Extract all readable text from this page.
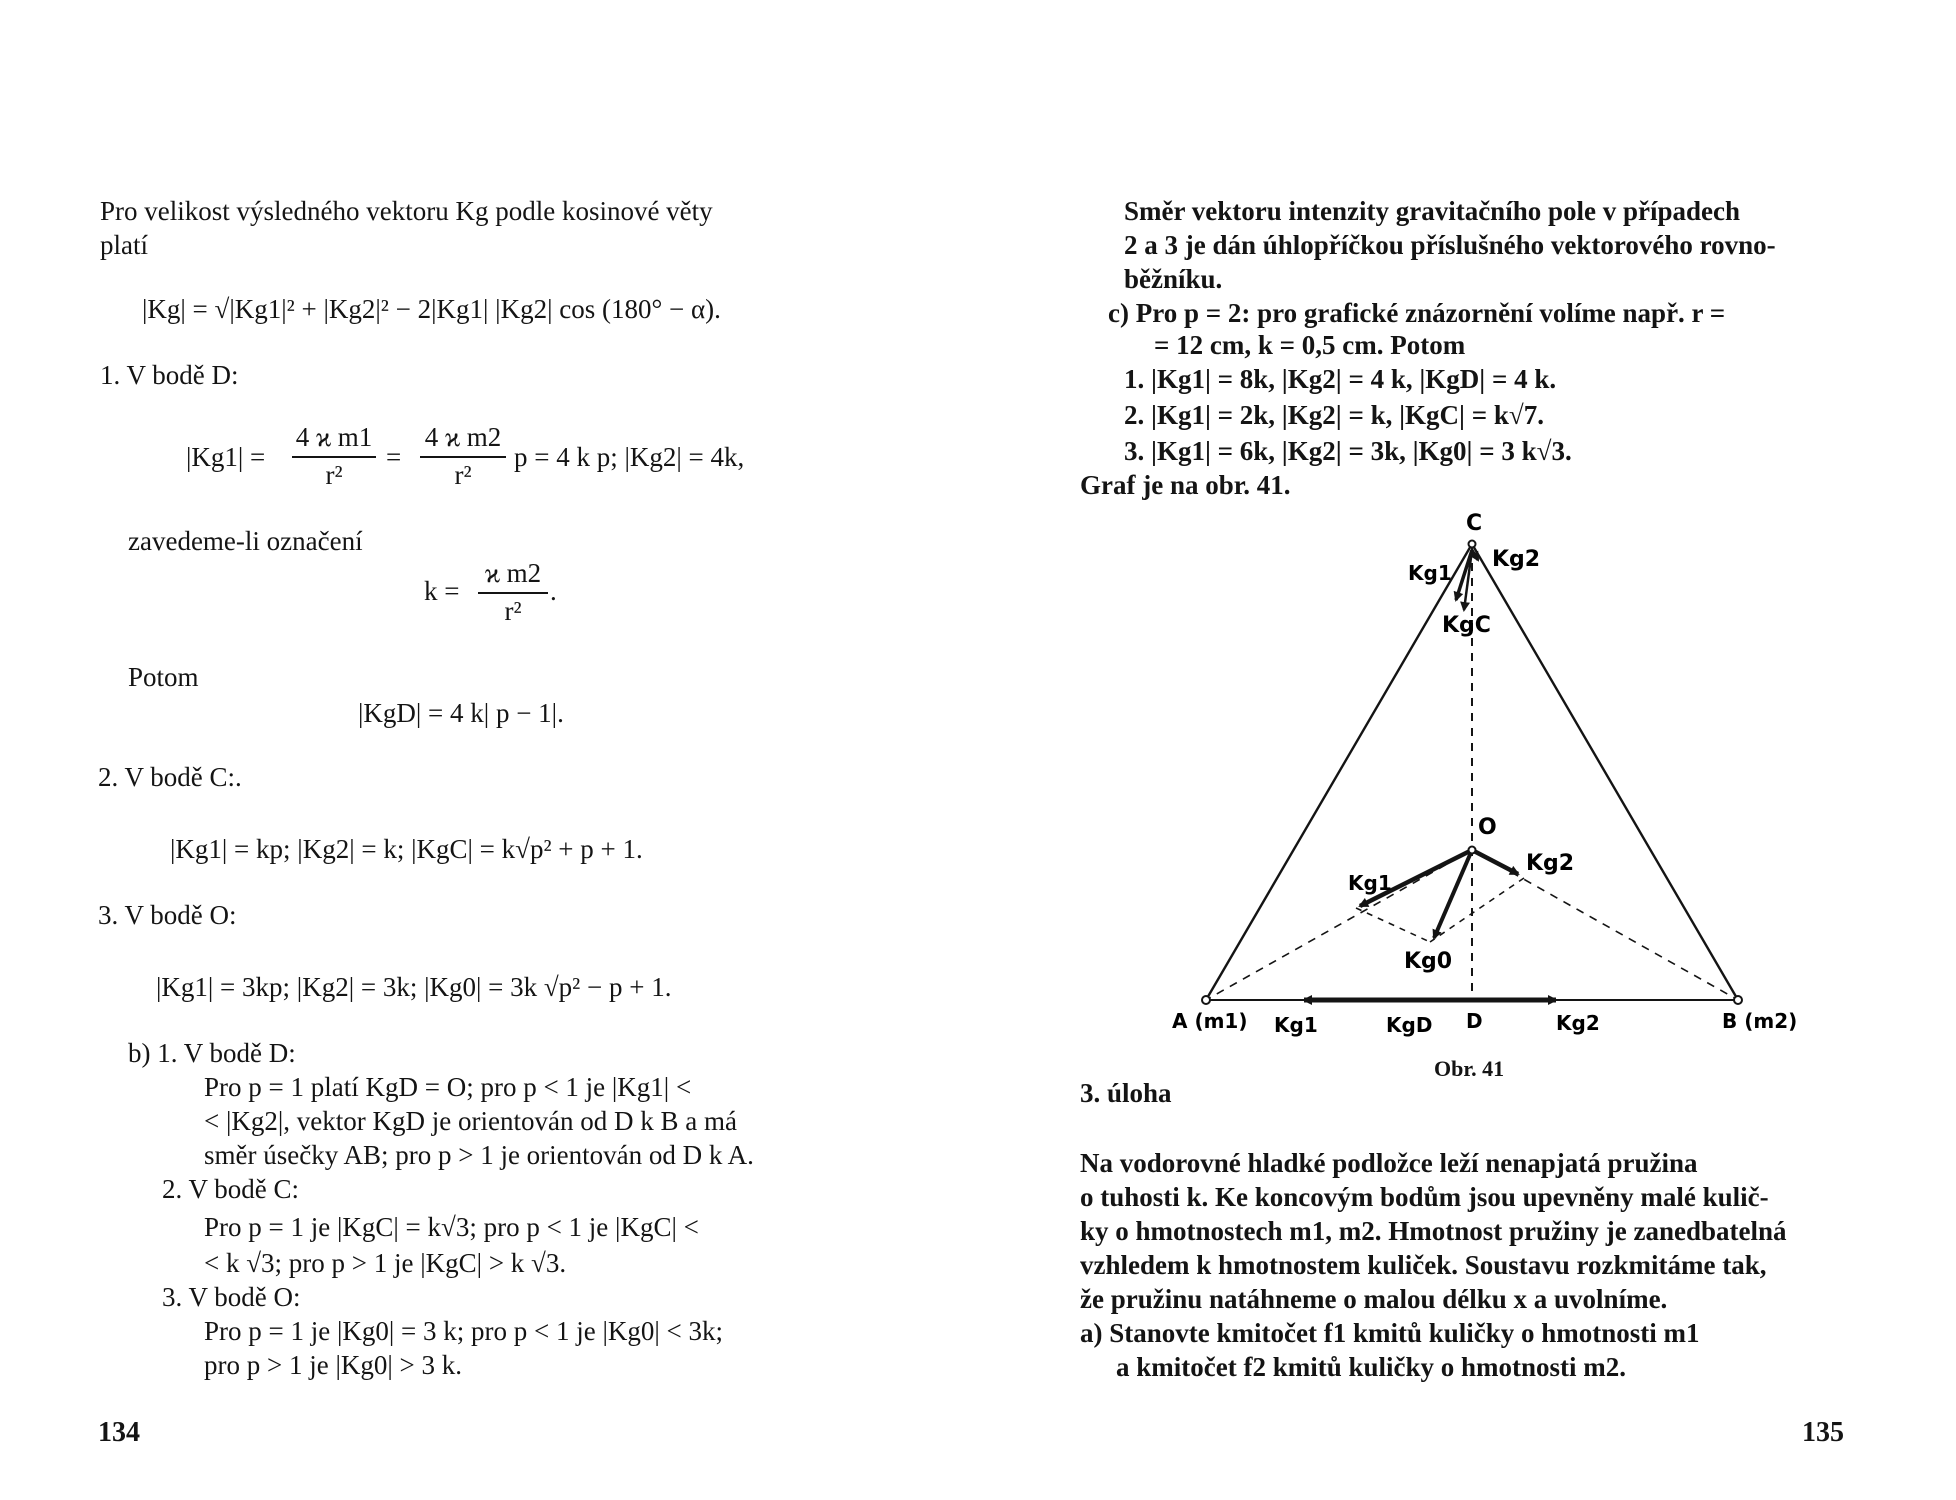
Pro velikost výsledného vektoru Kg podle kosinové věty
platí
|Kg| = √|Kg1|² + |Kg2|² − 2|Kg1| |Kg2| cos (180° − α).
1. V bodě D:
|Kg1| =
4 ϰ m1
r²
=
4 ϰ m2
r²
p = 4 k p; |Kg2| = 4k,
zavedeme-li označení
k =
ϰ m2
r²
.
Potom
|KgD| = 4 k| p − 1|.
2. V bodě C:.
|Kg1| = kp; |Kg2| = k; |KgC| = k√p² + p + 1.
3. V bodě O:
|Kg1| = 3kp; |Kg2| = 3k; |Kg0| = 3k √p² − p + 1.
b) 1. V bodě D:
Pro p = 1 platí KgD = O; pro p < 1 je |Kg1| <
< |Kg2|, vektor KgD je orientován od D k B a má
směr úsečky AB; pro p > 1 je orientován od D k A.
2. V bodě C:
Pro p = 1 je |KgC| = k√3; pro p < 1 je |KgC| <
< k √3; pro p > 1 je |KgC| > k √3.
3. V bodě O:
Pro p = 1 je |Kg0| = 3 k; pro p < 1 je |Kg0| < 3k;
pro p > 1 je |Kg0| > 3 k.
134
Směr vektoru intenzity gravitačního pole v případech
2 a 3 je dán úhlopříčkou příslušného vektorového rovno-
běžníku.
c) Pro p = 2: pro grafické znázornění volíme např. r =
= 12 cm, k = 0,5 cm. Potom
1. |Kg1| = 8k, |Kg2| = 4 k, |KgD| = 4 k.
2. |Kg1| = 2k, |Kg2| = k, |KgC| = k√7.
3. |Kg1| = 6k, |Kg2| = 3k, |Kg0| = 3 k√3.
Graf je na obr. 41.
C
Kg2
Kg1
KgC
O
Kg2
Kg1
Kg0
A (m1) Kg1	KgD D	Kg2	B (m2)
Obr. 41
3. úloha
Na vodorovné hladké podložce leží nenapjatá pružina
o tuhosti k. Ke koncovým bodům jsou upevněny malé kulič-
ky o hmotnostech m1, m2. Hmotnost pružiny je zanedbatelná
vzhledem k hmotnostem kuliček. Soustavu rozkmitáme tak,
že pružinu natáhneme o malou délku x a uvolníme.
a) Stanovte kmitočet f1 kmitů kuličky o hmotnosti m1
a kmitočet f2 kmitů kuličky o hmotnosti m2.
135
